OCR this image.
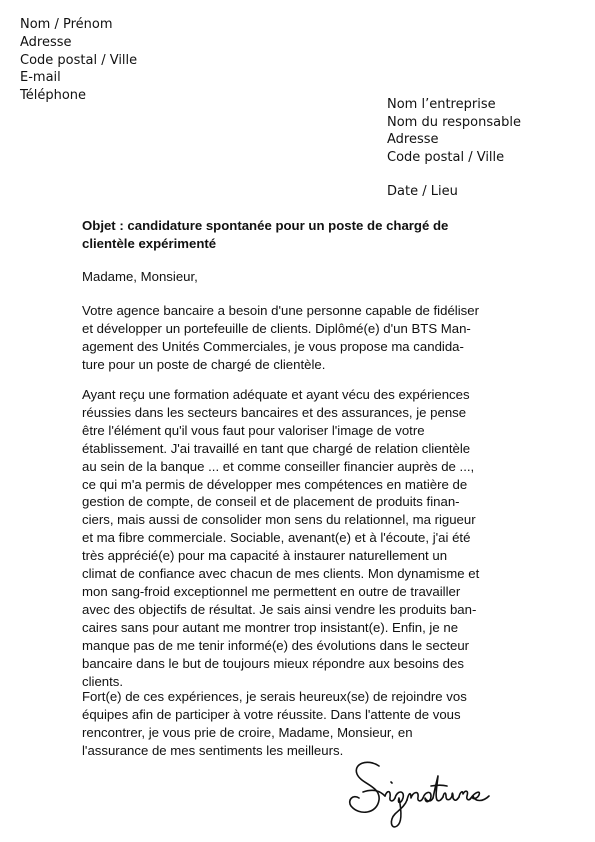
Nom / Prénom
Adresse
Code postal / Ville
E-mail
Téléphone
Nom l’entreprise
Nom du responsable
Adresse
Code postal / Ville
Date / Lieu
Objet : candidature spontanée pour un poste de chargé de
clientèle expérimenté
Madame, Monsieur,
Votre agence bancaire a besoin d'une personne capable de fidéliser
et développer un portefeuille de clients. Diplômé(e) d'un BTS Man-
agement des Unités Commerciales, je vous propose ma candida-
ture pour un poste de chargé de clientèle.
Ayant reçu une formation adéquate et ayant vécu des expériences
réussies dans les secteurs bancaires et des assurances, je pense
être l'élément qu'il vous faut pour valoriser l'image de votre
établissement. J'ai travaillé en tant que chargé de relation clientèle
au sein de la banque ... et comme conseiller financier auprès de ...,
ce qui m'a permis de développer mes compétences en matière de
gestion de compte, de conseil et de placement de produits finan-
ciers, mais aussi de consolider mon sens du relationnel, ma rigueur
et ma fibre commerciale. Sociable, avenant(e) et à l'écoute, j'ai été
très apprécié(e) pour ma capacité à instaurer naturellement un
climat de confiance avec chacun de mes clients. Mon dynamisme et
mon sang-froid exceptionnel me permettent en outre de travailler
avec des objectifs de résultat. Je sais ainsi vendre les produits ban-
caires sans pour autant me montrer trop insistant(e). Enfin, je ne
manque pas de me tenir informé(e) des évolutions dans le secteur
bancaire dans le but de toujours mieux répondre aux besoins des
clients.
Fort(e) de ces expériences, je serais heureux(se) de rejoindre vos
équipes afin de participer à votre réussite. Dans l'attente de vous
rencontrer, je vous prie de croire, Madame, Monsieur, en
l'assurance de mes sentiments les meilleurs.
